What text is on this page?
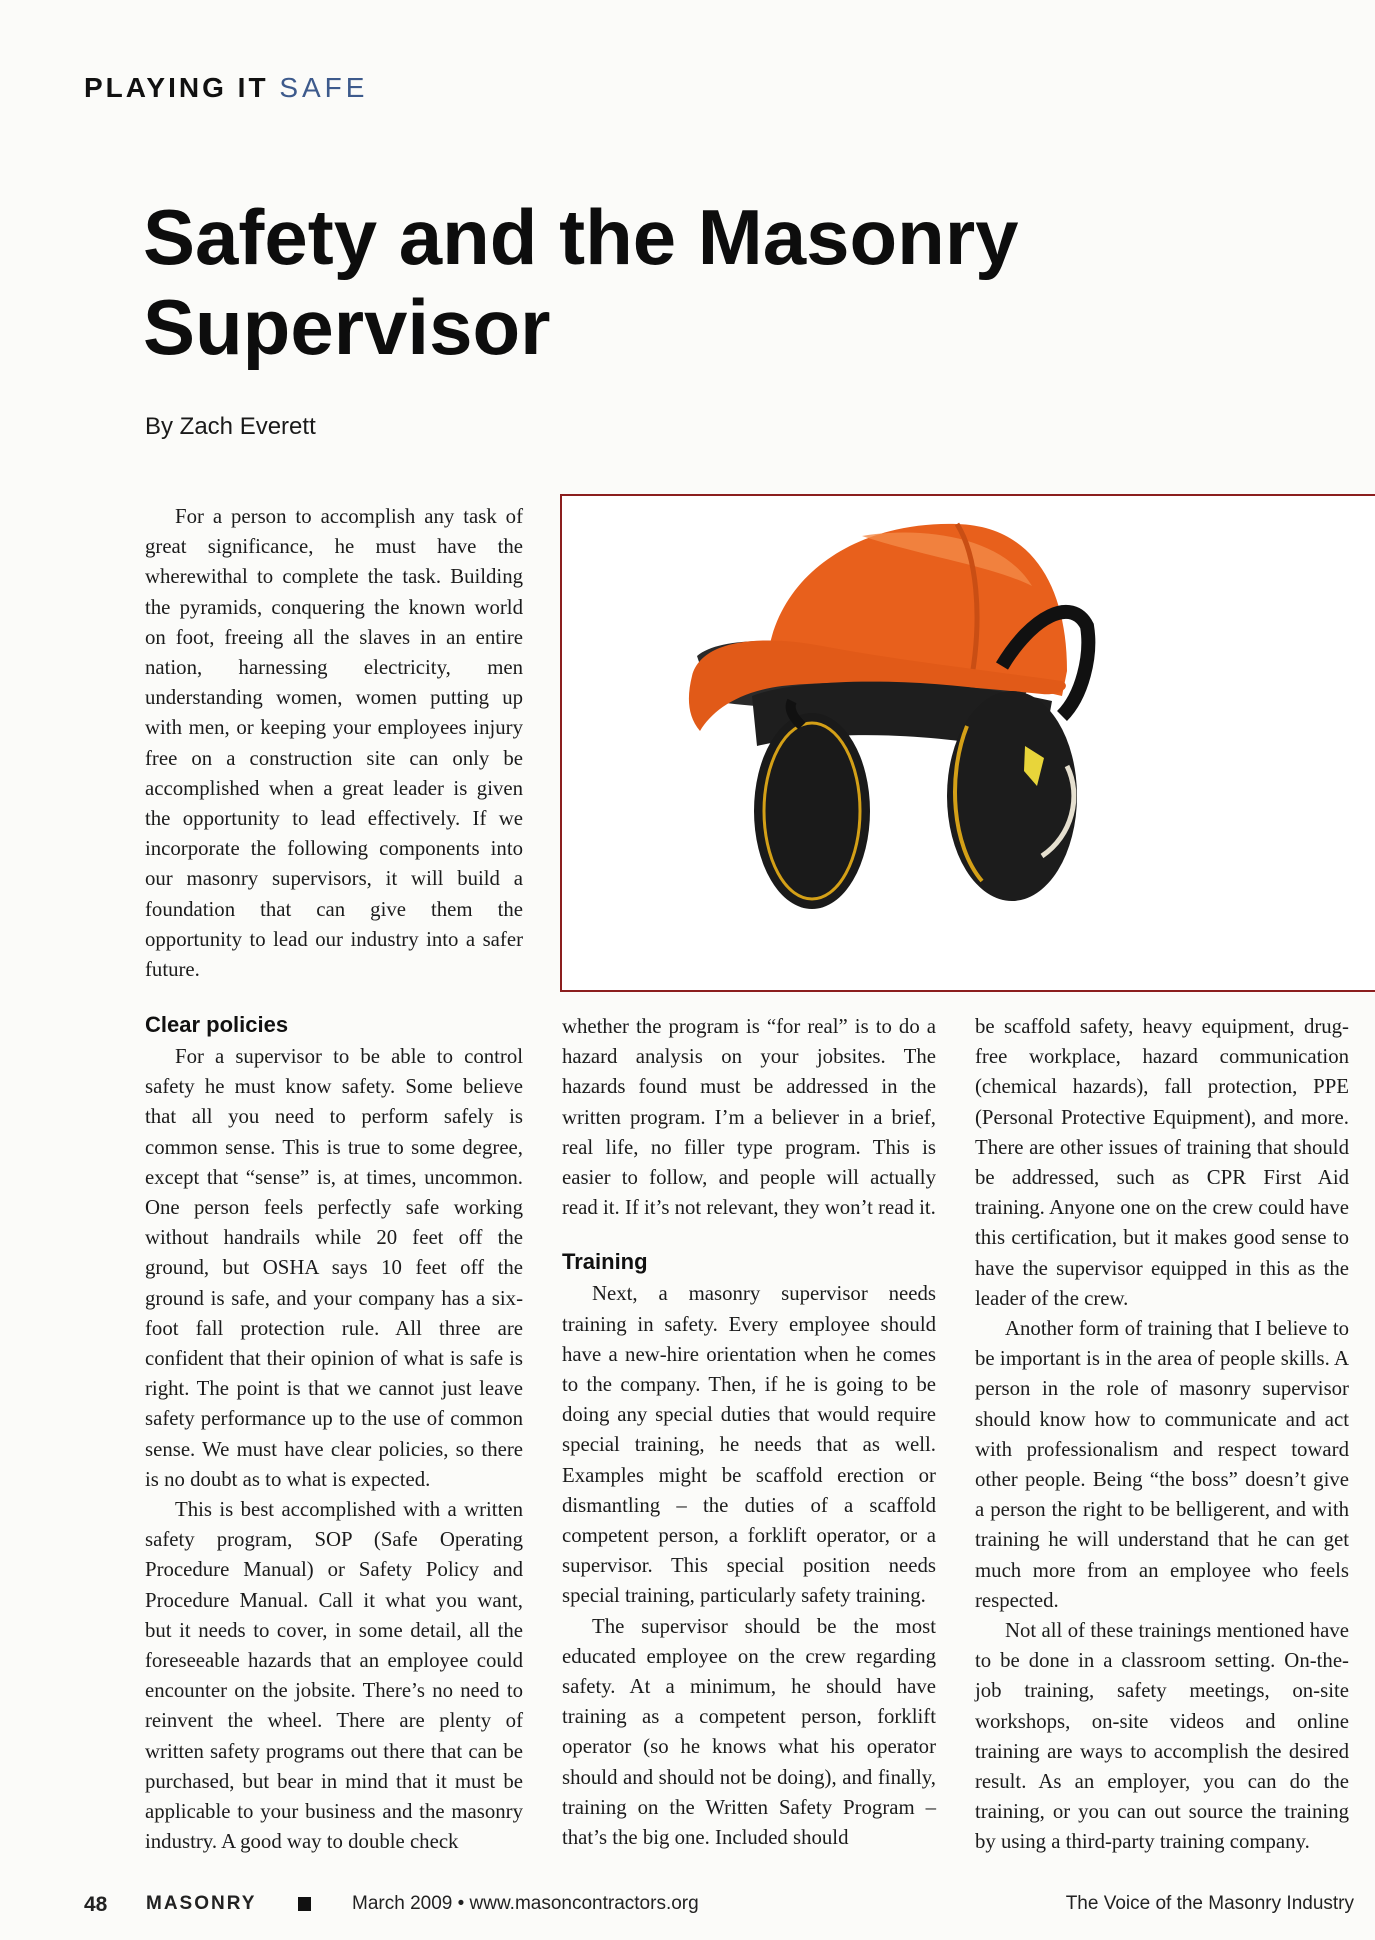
PLAYING IT SAFE
Safety and the Masonry Supervisor
By Zach Everett

For a person to accomplish any task of great significance, he must have the wherewithal to complete the task. Building the pyramids, conquering the known world on foot, freeing all the slaves in an entire nation, harnessing electricity, men understanding women, women putting up with men, or keeping your employees injury free on a construction site can only be accomplished when a great leader is given the opportunity to lead effectively. If we incorporate the following components into our masonry supervisors, it will build a foundation that can give them the opportunity to lead our industry into a safer future.

Clear policies

For a supervisor to be able to control safety he must know safety. Some believe that all you need to perform safely is common sense. This is true to some degree, except that “sense” is, at times, uncommon. One person feels perfectly safe working without handrails while 20 feet off the ground, but OSHA says 10 feet off the ground is safe, and your company has a six-foot fall protection rule. All three are confident that their opinion of what is safe is right. The point is that we cannot just leave safety performance up to the use of common sense. We must have clear policies, so there is no doubt as to what is expected.

This is best accomplished with a written safety program, SOP (Safe Operating Procedure Manual) or Safety Policy and Procedure Manual. Call it what you want, but it needs to cover, in some detail, all the foreseeable hazards that an employee could encounter on the jobsite. There’s no need to reinvent the wheel. There are plenty of written safety programs out there that can be purchased, but bear in mind that it must be applicable to your business and the masonry industry. A good way to double check

whether the program is “for real” is to do a hazard analysis on your jobsites. The hazards found must be addressed in the written program. I’m a believer in a brief, real life, no filler type program. This is easier to follow, and people will actually read it. If it’s not relevant, they won’t read it.

Training

Next, a masonry supervisor needs training in safety. Every employee should have a new-hire orientation when he comes to the company. Then, if he is going to be doing any special duties that would require special training, he needs that as well. Examples might be scaffold erection or dismantling – the duties of a scaffold competent person, a forklift operator, or a supervisor. This special position needs special training, particularly safety training.

The supervisor should be the most educated employee on the crew regarding safety. At a minimum, he should have training as a competent person, forklift operator (so he knows what his operator should and should not be doing), and finally, training on the Written Safety Program – that’s the big one. Included should

be scaffold safety, heavy equipment, drug-free workplace, hazard communication (chemical hazards), fall protection, PPE (Personal Protective Equipment), and more. There are other issues of training that should be addressed, such as CPR First Aid training. Anyone one on the crew could have this certification, but it makes good sense to have the supervisor equipped in this as the leader of the crew.

Another form of training that I believe to be important is in the area of people skills. A person in the role of masonry supervisor should know how to communicate and act with professionalism and respect toward other people. Being “the boss” doesn’t give a person the right to be belligerent, and with training he will understand that he can get much more from an employee who feels respected.

Not all of these trainings mentioned have to be done in a classroom setting. On-the-job training, safety meetings, on-site workshops, on-site videos and online training are ways to accomplish the desired result. As an employer, you can do the training, or you can out source the training by using a third-party training company.

48 MASONRY	March 2009 • www.masoncontractors.org	The Voice of the Masonry Industry
